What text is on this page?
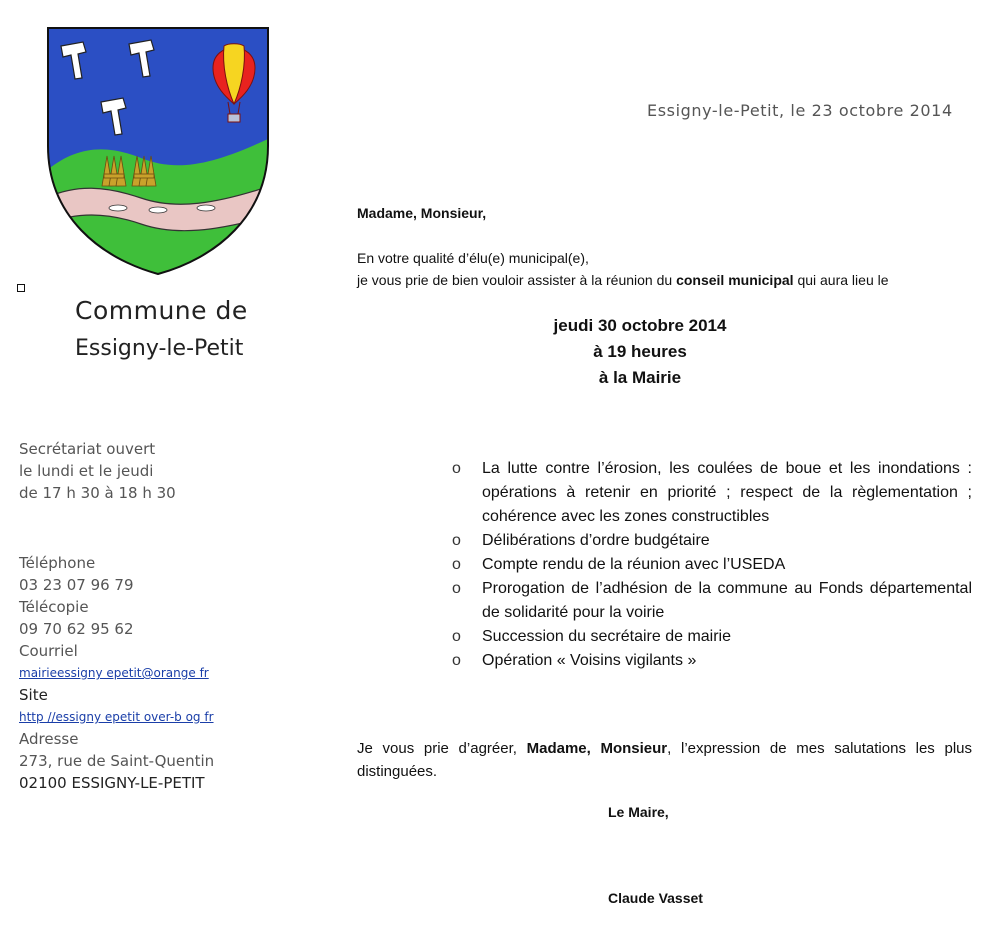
Commune de
Essigny-le-Petit
Secrétariat ouvert
le lundi et le jeudi
de 17 h 30 à 18 h 30
Téléphone
03 23 07 96 79
Télécopie
09 70 62 95 62
Courriel
mairieessigny epetit@orange fr
Site
http //essigny epetit over-b og fr
Adresse
273, rue de Saint-Quentin
02100 ESSIGNY-LE-PETIT
Essigny-le-Petit, le 23 octobre 2014
Madame, Monsieur,
En votre qualité d’élu(e) municipal(e),
je vous prie de bien vouloir assister à la réunion du conseil municipal qui aura lieu le
jeudi 30 octobre 2014
à 19 heures
à la Mairie
o	La lutte contre l’érosion, les coulées de boue et les inondations : opérations à retenir en priorité ; respect de la règlementation ; cohérence avec les zones constructibles
o	Délibérations d’ordre budgétaire
o	Compte rendu de la réunion avec l’USEDA
o	Prorogation de l’adhésion de la commune au Fonds départemental de solidarité pour la voirie
o	Succession du secrétaire de mairie
o	Opération « Voisins vigilants »
Je vous prie d’agréer, Madame, Monsieur, l’expression de mes salutations les plus distinguées.
Le Maire,
Claude Vasset
